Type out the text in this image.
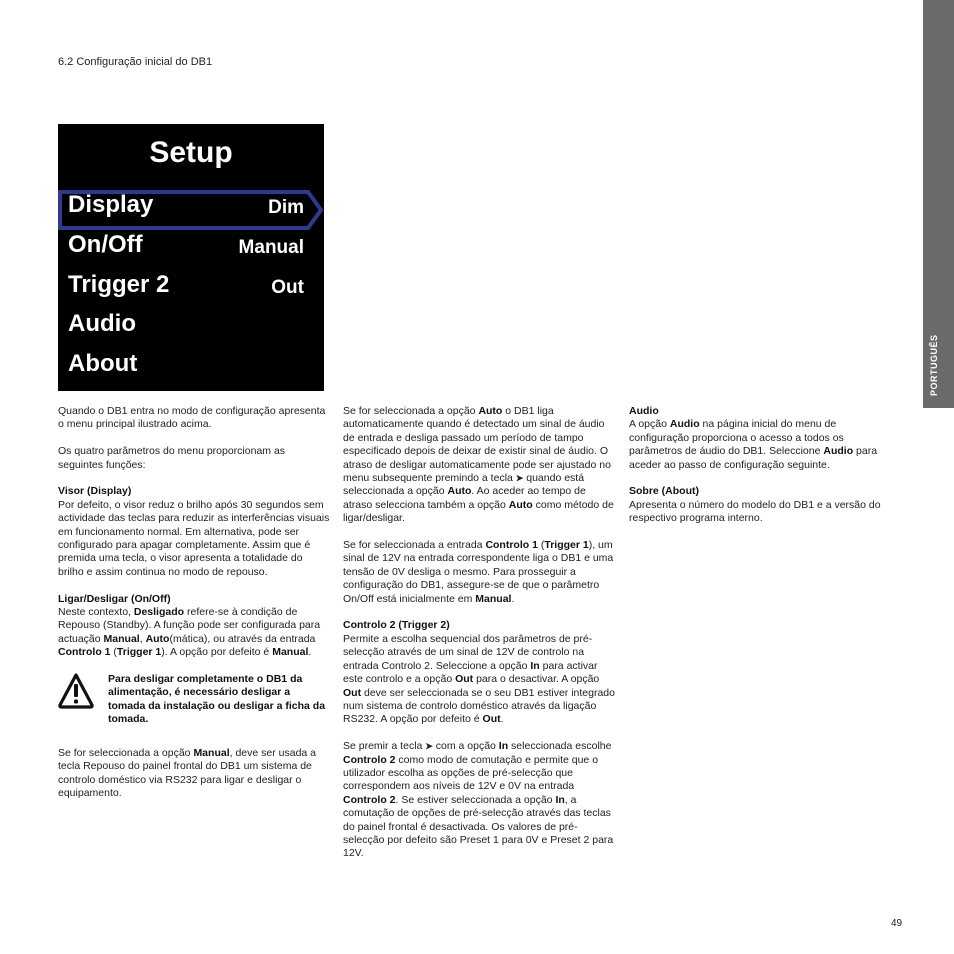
6.2 Configuração inicial do DB1
Setup
Display	Dim
On/Off	Manual
Trigger 2	Out
Audio
About

Quando o DB1 entra no modo de configuração apresenta o menu principal ilustrado acima.

Os quatro parâmetros do menu proporcionam as seguintes funções:

Visor (Display)

Por defeito, o visor reduz o brilho após 30 segundos sem actividade das teclas para reduzir as interferências visuais em funcionamento normal. Em alternativa, pode ser configurado para apagar completamente. Assim que é premida uma tecla, o visor apresenta a totalidade do brilho e assim continua no modo de repouso.

Ligar/Desligar (On/Off)

Neste contexto, Desligado refere-se à condição de Repouso (Standby). A função pode ser configurada para actuação Manual, Auto(mática), ou através da entrada Controlo 1 (Trigger 1). A opção por defeito é Manual.

Para desligar completamente o DB1 da alimentação, é necessário desligar a tomada da instalação ou desligar a ficha da tomada.

Se for seleccionada a opção Manual, deve ser usada a tecla Repouso do painel frontal do DB1 um sistema de controlo doméstico via RS232 para ligar e desligar o equipamento.

Se for seleccionada a opção Auto o DB1 liga automaticamente quando é detectado um sinal de áudio de entrada e desliga passado um período de tampo especificado depois de deixar de existir sinal de áudio. O atraso de desligar automaticamente pode ser ajustado no menu subsequente premindo a tecla ➤ quando está seleccionada a opção Auto. Ao aceder ao tempo de atraso selecciona também a opção Auto como método de ligar/desligar.

Se for seleccionada a entrada Controlo 1 (Trigger 1), um sinal de 12V na entrada correspondente liga o DB1 e uma tensão de 0V desliga o mesmo. Para prosseguir a configuração do DB1, assegure-se de que o parâmetro On/Off está inicialmente em Manual.

Controlo 2 (Trigger 2)

Permite a escolha sequencial dos parâmetros de pré-selecção através de um sinal de 12V de controlo na entrada Controlo 2. Seleccione a opção In para activar este controlo e a opção Out para o desactivar. A opção Out deve ser seleccionada se o seu DB1 estiver integrado num sistema de controlo doméstico através da ligação RS232. A opção por defeito é Out.

Se premir a tecla ➤ com a opção In seleccionada escolhe Controlo 2 como modo de comutação e permite que o utilizador escolha as opções de pré-selecção que correspondem aos níveis de 12V e 0V na entrada Controlo 2. Se estiver seleccionada a opção In, a comutação de opções de pré-selecção através das teclas do painel frontal é desactivada. Os valores de pré-selecção por defeito são Preset 1 para 0V e Preset 2 para 12V.

Audio

A opção Audio na página inicial do menu de configuração proporciona o acesso a todos os parâmetros de áudio do DB1. Seleccione Audio para aceder ao passo de configuração seguinte.

Sobre (About)

Apresenta o número do modelo do DB1 e a versão do respectivo programa interno.

49
